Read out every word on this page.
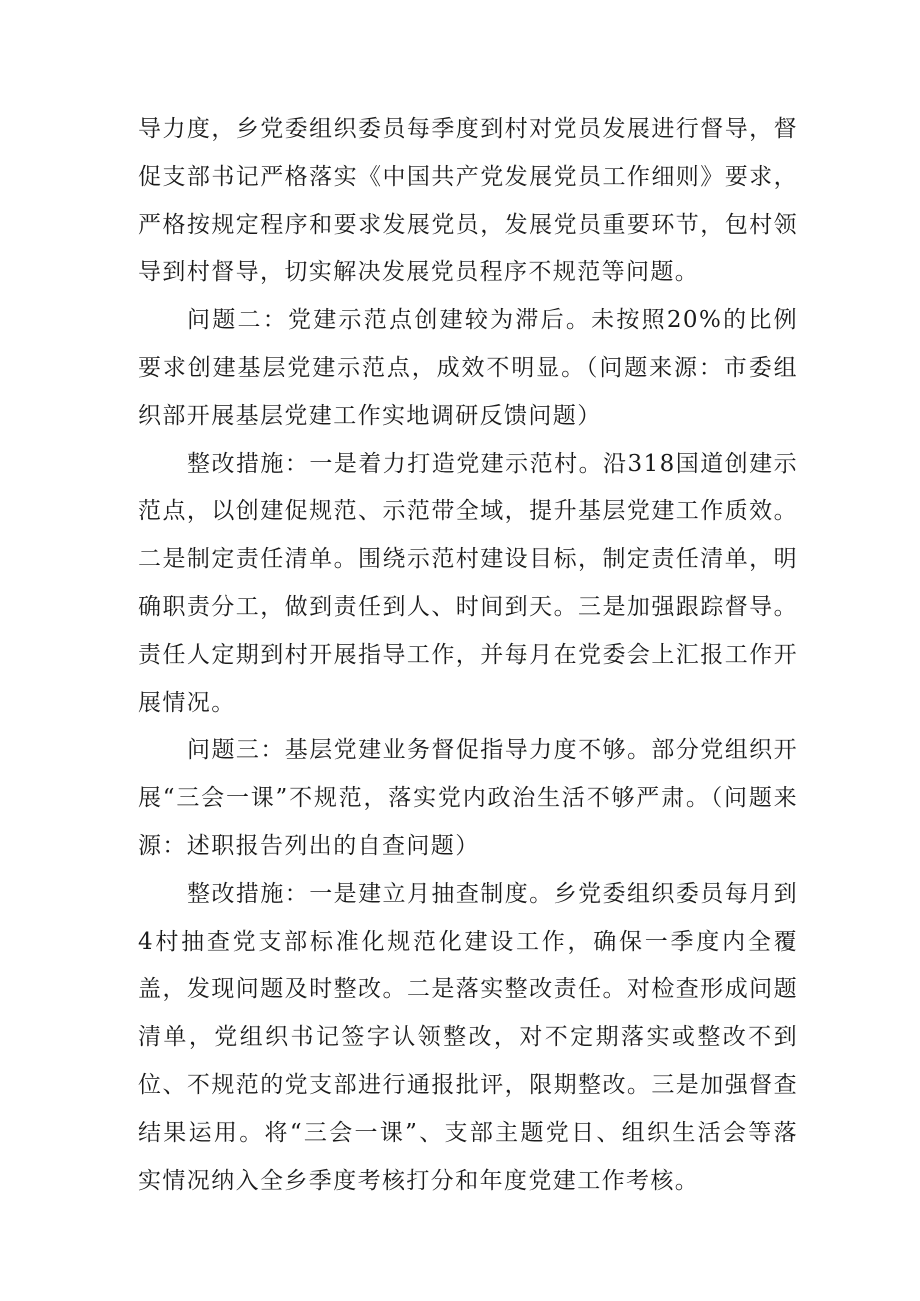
导力度，乡党委组织委员每季度到村对党员发展进行督导，督促支部书记严格落实《中国共产党发展党员工作细则》要求，严格按规定程序和要求发展党员，发展党员重要环节，包村领导到村督导，切实解决发展党员程序不规范等问题。

问题二：党建示范点创建较为滞后。未按照20%的比例要求创建基层党建示范点，成效不明显。（问题来源：市委组织部开展基层党建工作实地调研反馈问题）

整改措施：一是着力打造党建示范村。沿318国道创建示范点，以创建促规范、示范带全域，提升基层党建工作质效。二是制定责任清单。围绕示范村建设目标，制定责任清单，明确职责分工，做到责任到人、时间到天。三是加强跟踪督导。责任人定期到村开展指导工作，并每月在党委会上汇报工作开展情况。

问题三：基层党建业务督促指导力度不够。部分党组织开展“三会一课”不规范，落实党内政治生活不够严肃。（问题来源：述职报告列出的自查问题）

整改措施：一是建立月抽查制度。乡党委组织委员每月到4村抽查党支部标准化规范化建设工作，确保一季度内全覆盖，发现问题及时整改。二是落实整改责任。对检查形成问题清单，党组织书记签字认领整改，对不定期落实或整改不到位、不规范的党支部进行通报批评，限期整改。三是加强督查结果运用。将“三会一课”、支部主题党日、组织生活会等落实情况纳入全乡季度考核打分和年度党建工作考核。
